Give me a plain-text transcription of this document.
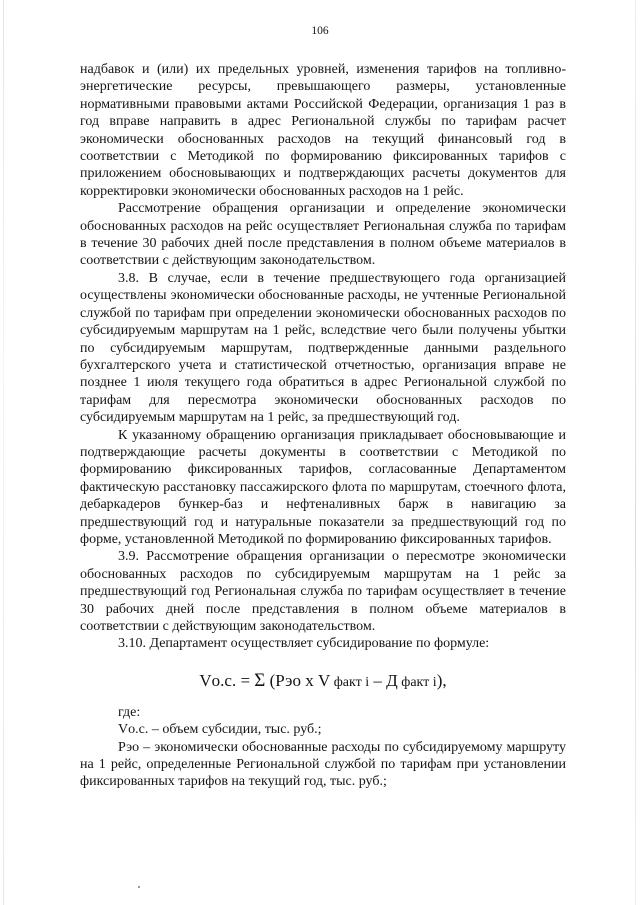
106

надбавок и (или) их предельных уровней, изменения тарифов на топливно-энергетические ресурсы, превышающего размеры, установленные нормативными правовыми актами Российской Федерации, организация 1 раз в год вправе направить в адрес Региональной службы по тарифам расчет экономически обоснованных расходов на текущий финансовый год в соответствии с Методикой по формированию фиксированных тарифов с приложением обосновывающих и подтверждающих расчеты документов для корректировки экономически обоснованных расходов на 1 рейс.

Рассмотрение обращения организации и определение экономически обоснованных расходов на рейс осуществляет Региональная служба по тарифам в течение 30 рабочих дней после представления в полном объеме материалов в соответствии с действующим законодательством.

3.8. В случае, если в течение предшествующего года организацией осуществлены экономически обоснованные расходы, не учтенные Региональной службой по тарифам при определении экономически обоснованных расходов по субсидируемым маршрутам на 1 рейс, вследствие чего были получены убытки по субсидируемым маршрутам, подтвержденные данными раздельного бухгалтерского учета и статистической отчетностью, организация вправе не позднее 1 июля текущего года обратиться в адрес Региональной службой по тарифам для пересмотра экономически обоснованных расходов по субсидируемым маршрутам на 1 рейс, за предшествующий год.

К указанному обращению организация прикладывает обосновывающие и подтверждающие расчеты документы в соответствии с Методикой по формированию фиксированных тарифов, согласованные Департаментом фактическую расстановку пассажирского флота по маршрутам, стоечного флота, дебаркадеров бункер-баз и нефтеналивных барж в навигацию за предшествующий год и натуральные показатели за предшествующий год по форме, установленной Методикой по формированию фиксированных тарифов.

3.9. Рассмотрение обращения организации о пересмотре экономически обоснованных расходов по субсидируемым маршрутам на 1 рейс за предшествующий год Региональная служба по тарифам осуществляет в течение 30 рабочих дней после представления в полном объеме материалов в соответствии с действующим законодательством.

3.10. Департамент осуществляет субсидирование по формуле:

Vо.с. = Σ (Рэо х V факт i – Д факт i),

где:

Vо.с. – объем субсидии, тыс. руб.;

Рэо – экономически обоснованные расходы по субсидируемому маршруту на 1 рейс, определенные Региональной службой по тарифам при установлении фиксированных тарифов на текущий год, тыс. руб.;
